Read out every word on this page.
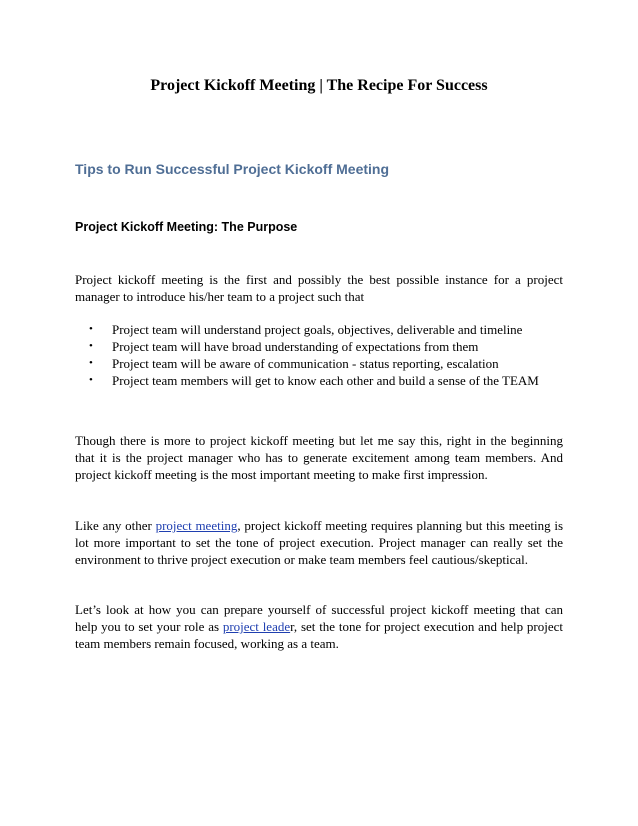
Project Kickoff Meeting | The Recipe For Success
Tips to Run Successful Project Kickoff Meeting
Project Kickoff Meeting: The Purpose

Project kickoff meeting is the first and possibly the best possible instance for a project manager to introduce his/her team to a project such that

• Project team will understand project goals, objectives, deliverable and timeline
• Project team will have broad understanding of expectations from them
• Project team will be aware of communication - status reporting, escalation
• Project team members will get to know each other and build a sense of the TEAM

Though there is more to project kickoff meeting but let me say this, right in the beginning that it is the project manager who has to generate excitement among team members. And project kickoff meeting is the most important meeting to make first impression.

Like any other project meeting, project kickoff meeting requires planning but this meeting is lot more important to set the tone of project execution. Project manager can really set the environment to thrive project execution or make team members feel cautious/skeptical.

Let’s look at how you can prepare yourself of successful project kickoff meeting that can help you to set your role as project leader, set the tone for project execution and help project team members remain focused, working as a team.
